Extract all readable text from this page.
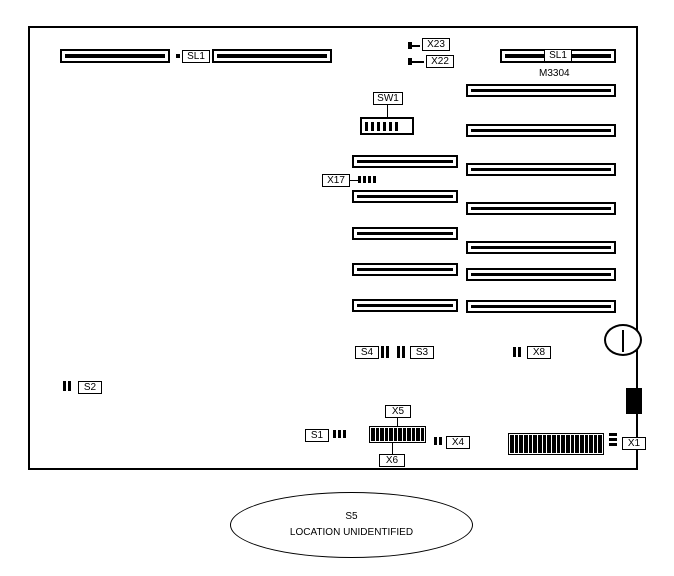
SL1
X23
X22
SL1
M3304
SW1
X17
S4	S3	X8
S2
S1
X5
X6
X4	X1
S5
LOCATION UNIDENTIFIED
